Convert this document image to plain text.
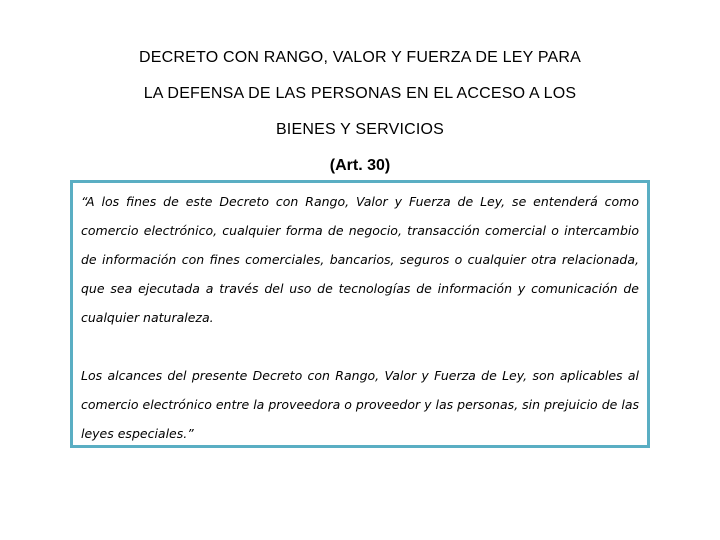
DECRETO CON RANGO, VALOR Y FUERZA DE LEY PARA
LA DEFENSA DE LAS PERSONAS EN EL ACCESO A LOS
BIENES Y SERVICIOS
(Art. 30)

“A los fines de este Decreto con Rango, Valor y Fuerza de Ley, se entenderá como comercio electrónico, cualquier forma de negocio, transacción comercial o intercambio de información con fines comerciales, bancarios, seguros o cualquier otra relacionada, que sea ejecutada a través del uso de tecnologías de información y comunicación de cualquier naturaleza.

Los alcances del presente Decreto con Rango, Valor y Fuerza de Ley, son aplicables al comercio electrónico entre la proveedora o proveedor y las personas, sin prejuicio de las leyes especiales.”
